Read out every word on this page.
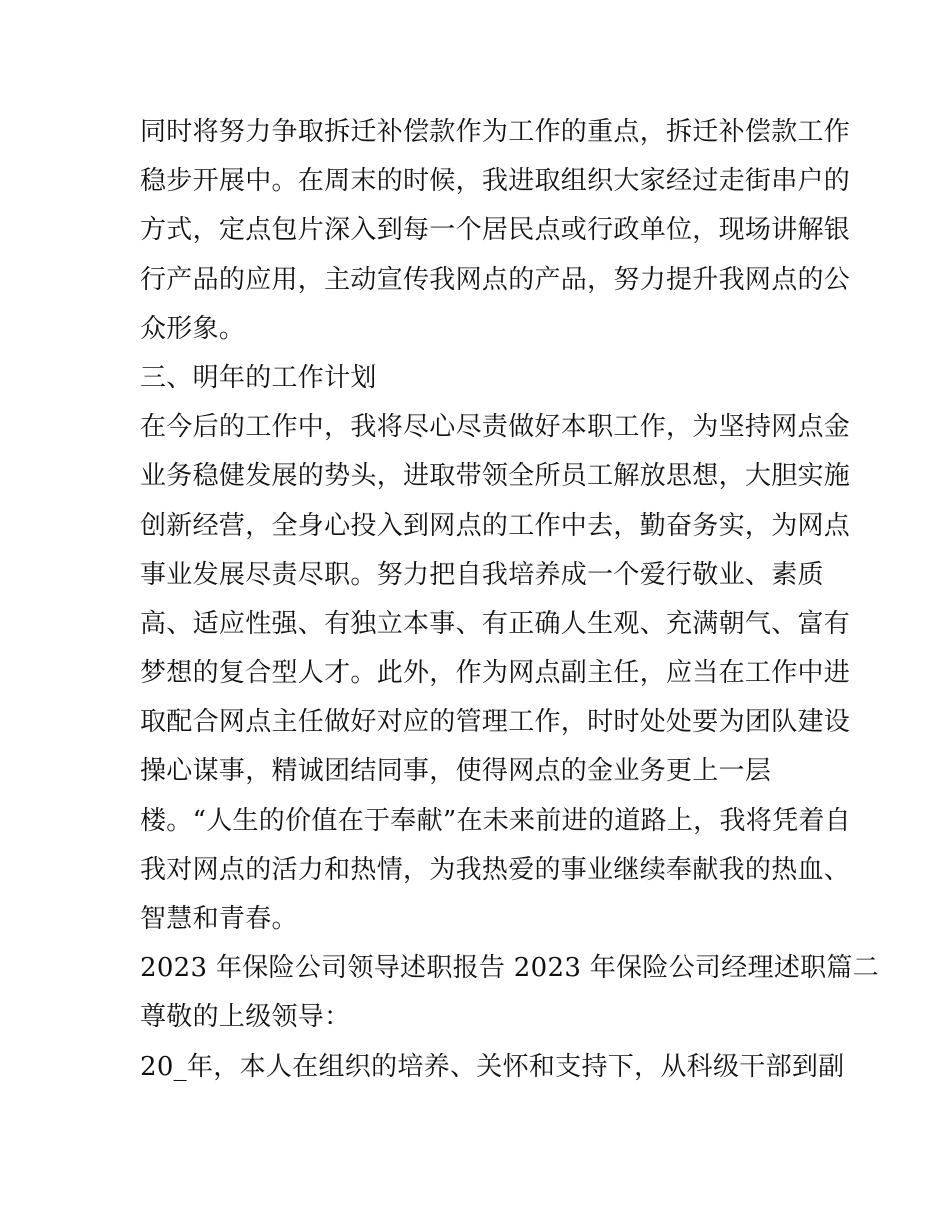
同时将努力争取拆迁补偿款作为工作的重点，拆迁补偿款工作
稳步开展中。在周末的时候，我进取组织大家经过走街串户的
方式，定点包片深入到每一个居民点或行政单位，现场讲解银
行产品的应用，主动宣传我网点的产品，努力提升我网点的公
众形象。
三、明年的工作计划
在今后的工作中，我将尽心尽责做好本职工作，为坚持网点金
业务稳健发展的势头，进取带领全所员工解放思想，大胆实施
创新经营，全身心投入到网点的工作中去，勤奋务实，为网点
事业发展尽责尽职。努力把自我培养成一个爱行敬业、素质
高、适应性强、有独立本事、有正确人生观、充满朝气、富有
梦想的复合型人才。此外，作为网点副主任，应当在工作中进
取配合网点主任做好对应的管理工作，时时处处要为团队建设
操心谋事，精诚团结同事，使得网点的金业务更上一层
楼。“人生的价值在于奉献”在未来前进的道路上，我将凭着自
我对网点的活力和热情，为我热爱的事业继续奉献我的热血、
智慧和青春。
2023 年保险公司领导述职报告 2023 年保险公司经理述职篇二
尊敬的上级领导：
20_年，本人在组织的培养、关怀和支持下，从科级干部到副
